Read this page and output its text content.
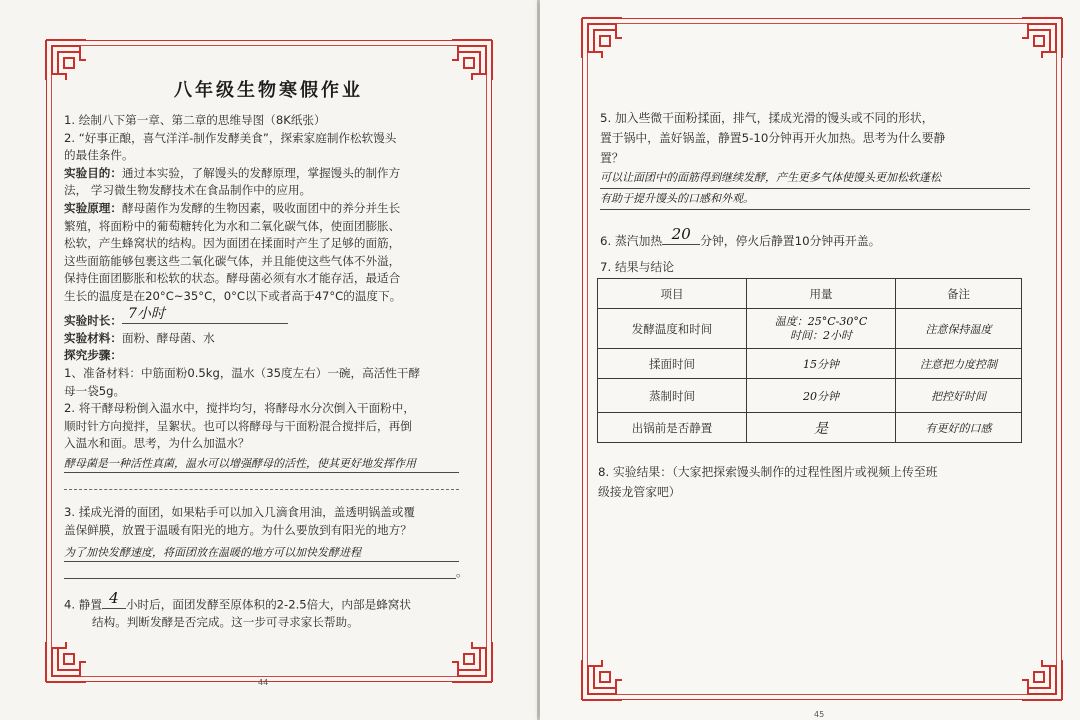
八年级生物寒假作业

1. 绘制八下第一章、第二章的思维导图（8K纸张）

2. “好事正酿，喜气洋洋-制作发酵美食”，探索家庭制作松软馒头

的最佳条件。

实验目的：通过本实验，了解馒头的发酵原理，掌握馒头的制作方

法， 学习微生物发酵技术在食品制作中的应用。

实验原理：酵母菌作为发酵的生物因素，吸收面团中的养分并生长

繁殖，将面粉中的葡萄糖转化为水和二氧化碳气体，使面团膨胀、

松软，产生蜂窝状的结构。因为面团在揉面时产生了足够的面筋，

这些面筋能够包裹这些二氧化碳气体，并且能使这些气体不外溢，

保持住面团膨胀和松软的状态。酵母菌必须有水才能存活，最适合

生长的温度是在20°C~35°C，0°C以下或者高于47°C的温度下。

实验时长： 7小时

实验材料：面粉、酵母菌、水

探究步骤：

1、准备材料：中筋面粉0.5kg，温水（35度左右）一碗，高活性干酵

母一袋5g。

2. 将干酵母粉倒入温水中，搅拌均匀，将酵母水分次倒入干面粉中，

顺时针方向搅拌，呈絮状。也可以将酵母与干面粉混合搅拌后，再倒

入温水和面。思考，为什么加温水？

酵母菌是一种活性真菌，温水可以增强酵母的活性，使其更好地发挥作用

3. 揉成光滑的面团，如果粘手可以加入几滴食用油，盖透明锅盖或覆

盖保鲜膜，放置于温暖有阳光的地方。为什么要放到有阳光的地方？

为了加快发酵速度，将面团放在温暖的地方可以加快发酵进程
。

4. 静置 4 小时后，面团发酵至原体积的2-2.5倍大，内部是蜂窝状

结构。判断发酵是否完成。这一步可寻求家长帮助。

44
45

5. 加入些微干面粉揉面，排气，揉成光滑的馒头或不同的形状，

置于锅中，盖好锅盖，静置5-10分钟再开火加热。思考为什么要静

置？

可以让面团中的面筋得到继续发酵，产生更多气体使馒头更加松软蓬松
有助于提升馒头的口感和外观。

6. 蒸汽加热 20 分钟，停火后静置10分钟再开盖。

7. 结果与结论

项目	用量	备注
发酵温度和时间	温度：25°C-30°C
时间：2小时	注意保持温度
揉面时间	15分钟	注意把力度控制
蒸制时间	20分钟	把控好时间
出锅前是否静置	是	有更好的口感

8. 实验结果：（大家把探索馒头制作的过程性图片或视频上传至班

级接龙管家吧）
